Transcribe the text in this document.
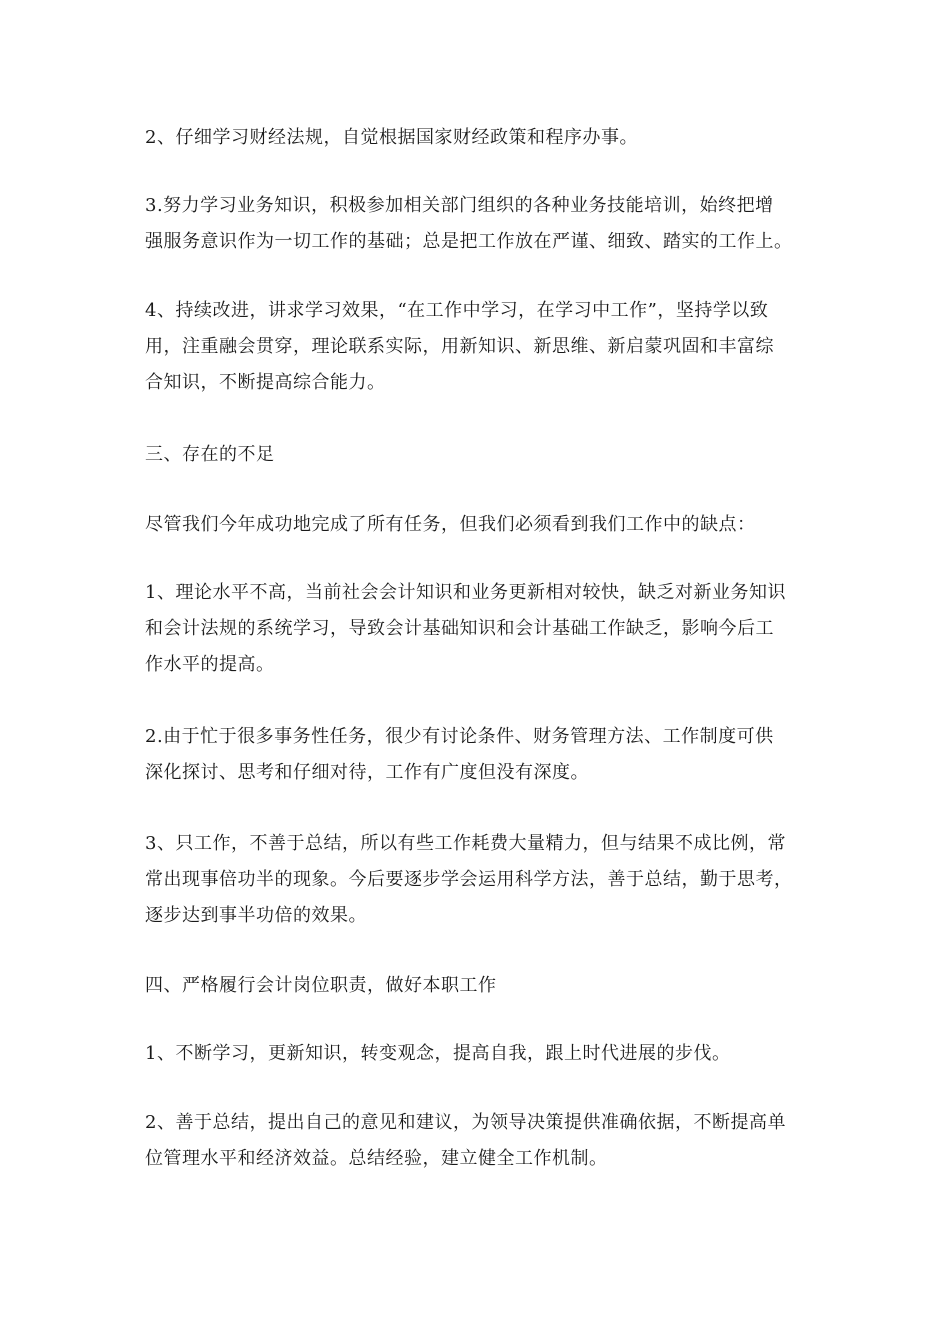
2、仔细学习财经法规，自觉根据国家财经政策和程序办事。

3.努力学习业务知识，积极参加相关部门组织的各种业务技能培训，始终把增
强服务意识作为一切工作的基础；总是把工作放在严谨、细致、踏实的工作上。

4、持续改进，讲求学习效果，“在工作中学习，在学习中工作”，坚持学以致
用，注重融会贯穿，理论联系实际，用新知识、新思维、新启蒙巩固和丰富综
合知识，不断提高综合能力。

三、存在的不足

尽管我们今年成功地完成了所有任务，但我们必须看到我们工作中的缺点：

1、理论水平不高，当前社会会计知识和业务更新相对较快，缺乏对新业务知识
和会计法规的系统学习，导致会计基础知识和会计基础工作缺乏，影响今后工
作水平的提高。

2.由于忙于很多事务性任务，很少有讨论条件、财务管理方法、工作制度可供
深化探讨、思考和仔细对待，工作有广度但没有深度。

3、只工作，不善于总结，所以有些工作耗费大量精力，但与结果不成比例，常
常出现事倍功半的现象。今后要逐步学会运用科学方法，善于总结，勤于思考，
逐步达到事半功倍的效果。

四、严格履行会计岗位职责，做好本职工作

1、不断学习，更新知识，转变观念，提高自我，跟上时代进展的步伐。

2、善于总结，提出自己的意见和建议，为领导决策提供准确依据，不断提高单
位管理水平和经济效益。总结经验，建立健全工作机制。
